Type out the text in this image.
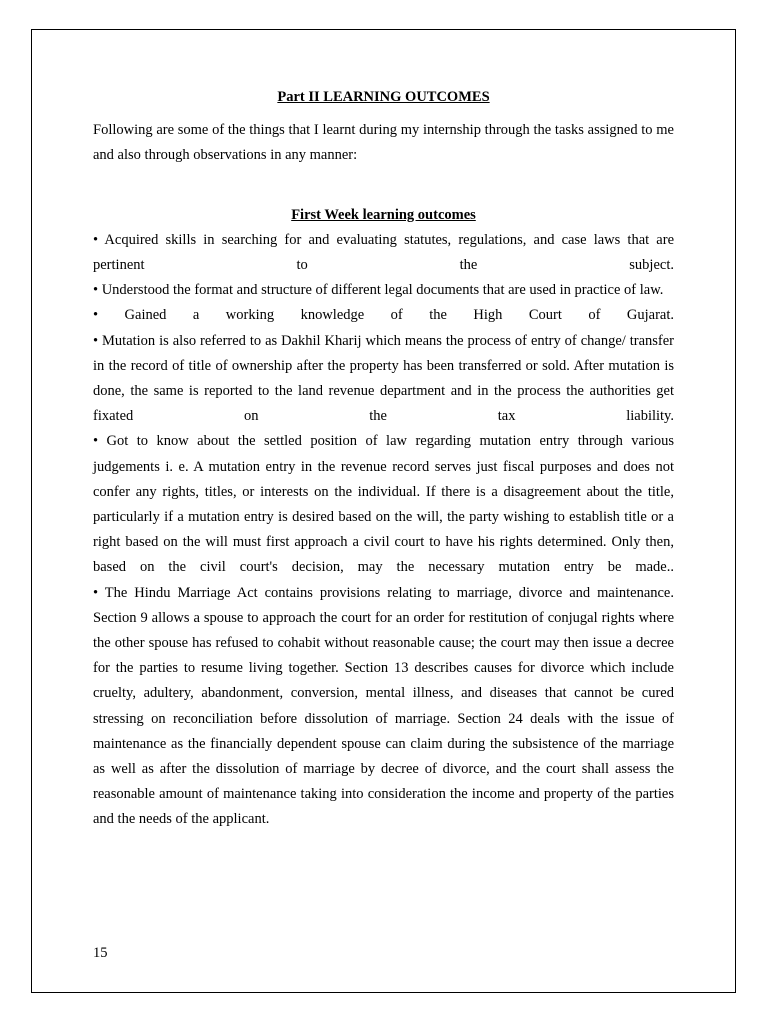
Part II LEARNING OUTCOMES

Following are some of the things that I learnt during my internship through the tasks assigned to me and also through observations in any manner:

First Week learning outcomes

• Acquired skills in searching for and evaluating statutes, regulations, and case laws that are pertinent to the subject.

• Understood the format and structure of different legal documents that are used in practice of law.

• Gained a working knowledge of the High Court of Gujarat.

• Mutation is also referred to as Dakhil Kharij which means the process of entry of change/ transfer in the record of title of ownership after the property has been transferred or sold. After mutation is done, the same is reported to the land revenue department and in the process the authorities get fixated on the tax liability.

• Got to know about the settled position of law regarding mutation entry through various judgements i. e. A mutation entry in the revenue record serves just fiscal purposes and does not confer any rights, titles, or interests on the individual. If there is a disagreement about the title, particularly if a mutation entry is desired based on the will, the party wishing to establish title or a right based on the will must first approach a civil court to have his rights determined. Only then, based on the civil court's decision, may the necessary mutation entry be made..

• The Hindu Marriage Act contains provisions relating to marriage, divorce and maintenance. Section 9 allows a spouse to approach the court for an order for restitution of conjugal rights where the other spouse has refused to cohabit without reasonable cause; the court may then issue a decree for the parties to resume living together. Section 13 describes causes for divorce which include cruelty, adultery, abandonment, conversion, mental illness, and diseases that cannot be cured stressing on reconciliation before dissolution of marriage. Section 24 deals with the issue of maintenance as the financially dependent spouse can claim during the subsistence of the marriage as well as after the dissolution of marriage by decree of divorce, and the court shall assess the reasonable amount of maintenance taking into consideration the income and property of the parties and the needs of the applicant.

15
